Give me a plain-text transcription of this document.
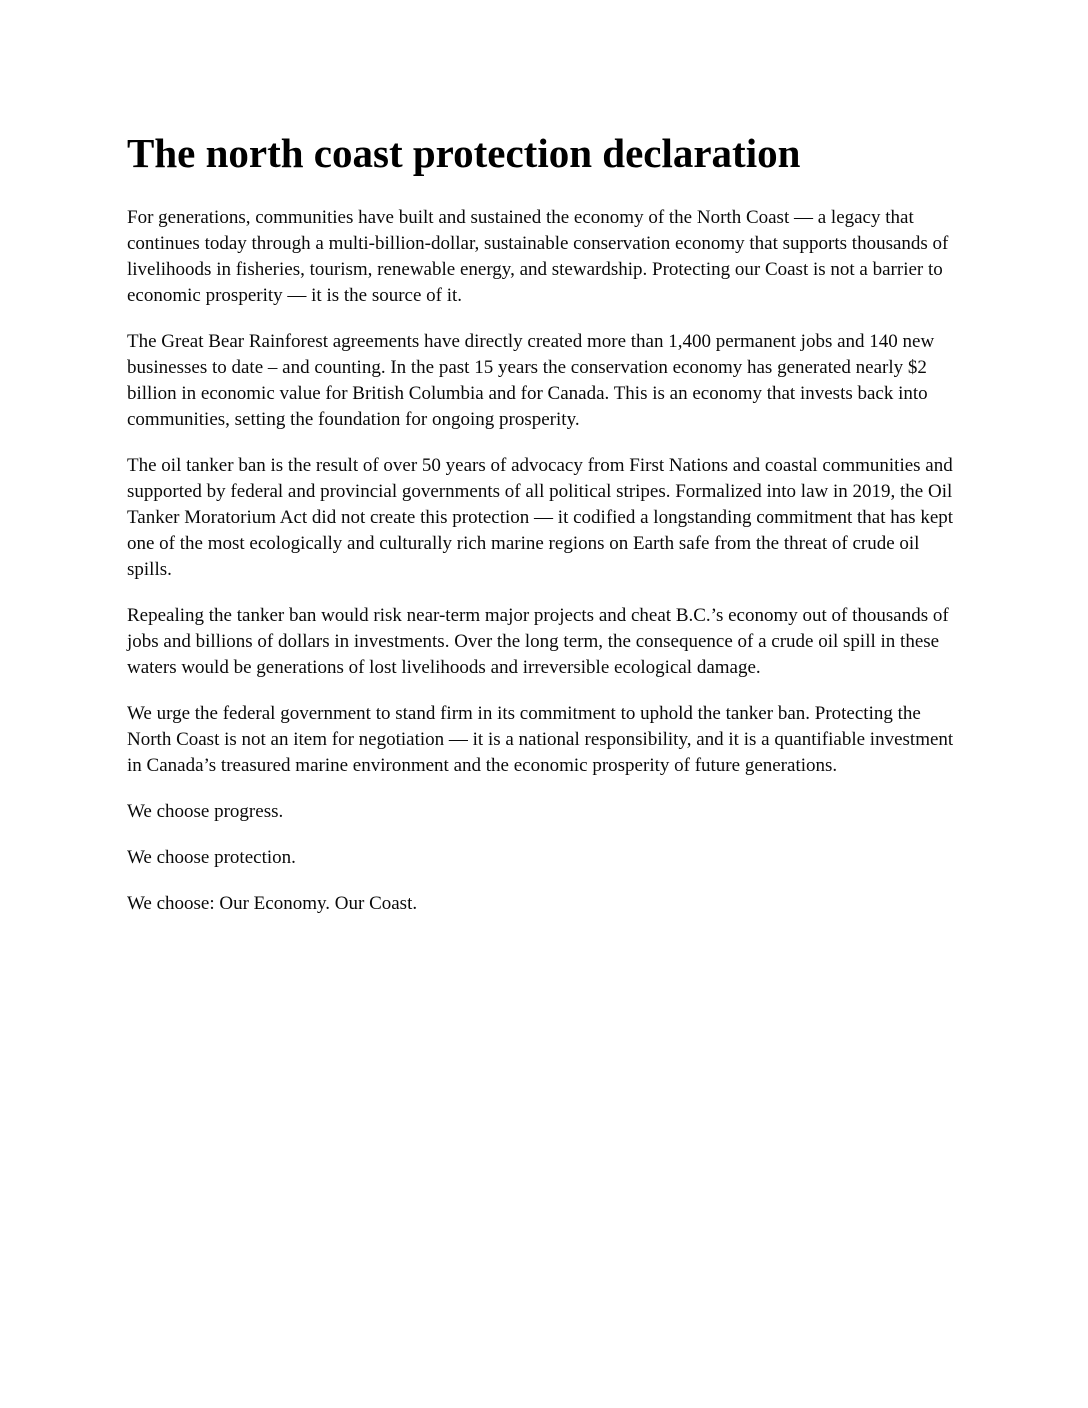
The north coast protection declaration

For generations, communities have built and sustained the economy of the North Coast — a legacy that continues today through a multi-billion-dollar, sustainable conservation economy that supports thousands of livelihoods in fisheries, tourism, renewable energy, and stewardship. Protecting our Coast is not a barrier to economic prosperity — it is the source of it.

The Great Bear Rainforest agreements have directly created more than 1,400 permanent jobs and 140 new businesses to date – and counting. In the past 15 years the conservation economy has generated nearly $2 billion in economic value for British Columbia and for Canada. This is an economy that invests back into communities, setting the foundation for ongoing prosperity.

The oil tanker ban is the result of over 50 years of advocacy from First Nations and coastal communities and supported by federal and provincial governments of all political stripes. Formalized into law in 2019, the Oil Tanker Moratorium Act did not create this protection — it codified a longstanding commitment that has kept one of the most ecologically and culturally rich marine regions on Earth safe from the threat of crude oil spills.

Repealing the tanker ban would risk near-term major projects and cheat B.C.’s economy out of thousands of jobs and billions of dollars in investments. Over the long term, the consequence of a crude oil spill in these waters would be generations of lost livelihoods and irreversible ecological damage.

We urge the federal government to stand firm in its commitment to uphold the tanker ban. Protecting the North Coast is not an item for negotiation — it is a national responsibility, and it is a quantifiable investment in Canada’s treasured marine environment and the economic prosperity of future generations.

We choose progress.

We choose protection.

We choose: Our Economy. Our Coast.
